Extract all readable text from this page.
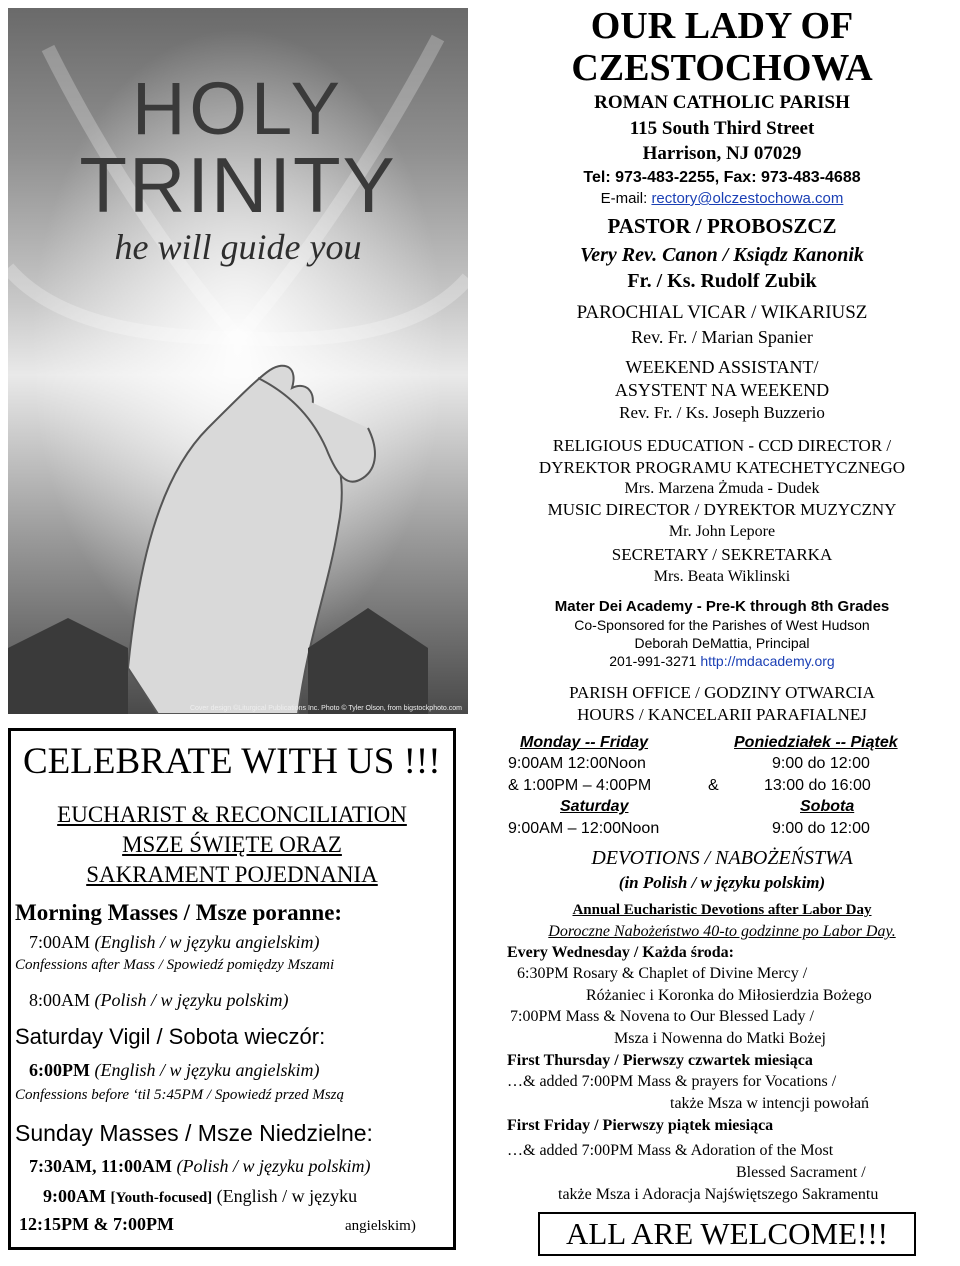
HOLY
TRINITY
he will guide you
Cover design ©Liturgical Publications Inc. Photo © Tyler Olson, from bigstockphoto.com
OUR LADY OF
CZESTOCHOWA
ROMAN CATHOLIC PARISH
115 South Third Street
Harrison, NJ 07029
Tel: 973-483-2255, Fax: 973-483-4688
E-mail: rectory@olczestochowa.com
PASTOR / PROBOSZCZ
Very Rev. Canon / Ksiądz Kanonik
Fr. / Ks. Rudolf Zubik
PAROCHIAL VICAR / WIKARIUSZ
Rev. Fr. / Marian Spanier
WEEKEND ASSISTANT/
ASYSTENT NA WEEKEND
Rev. Fr. / Ks. Joseph Buzzerio
RELIGIOUS EDUCATION - CCD DIRECTOR /
DYREKTOR PROGRAMU KATECHETYCZNEGO
Mrs. Marzena Żmuda - Dudek
MUSIC DIRECTOR / DYREKTOR MUZYCZNY
Mr. John Lepore
SECRETARY / SEKRETARKA
Mrs. Beata Wiklinski
Mater Dei Academy - Pre-K through 8th Grades
Co-Sponsored for the Parishes of West Hudson
Deborah DeMattia, Principal
201-991-3271 http://mdacademy.org
PARISH OFFICE / GODZINY OTWARCIA
HOURS / KANCELARII PARAFIALNEJ
Monday -- Friday	Poniedziałek -- Piątek
9:00AM 12:00Noon	9:00 do 12:00
& 1:00PM – 4:00PM	&	13:00 do 16:00
Saturday	Sobota
9:00AM – 12:00Noon	9:00 do 12:00
DEVOTIONS / NABOŻEŃSTWA
(in Polish / w języku polskim)
Annual Eucharistic Devotions after Labor Day
Doroczne Nabożeństwo 40-to godzinne po Labor Day.
Every Wednesday / Każda środa:
6:30PM Rosary & Chaplet of Divine Mercy /
Różaniec i Koronka do Miłosierdzia Bożego
7:00PM Mass & Novena to Our Blessed Lady /
Msza i Nowenna do Matki Bożej
First Thursday / Pierwszy czwartek miesiąca
…& added 7:00PM Mass & prayers for Vocations /
także Msza w intencji powołań
First Friday / Pierwszy piątek miesiąca
…& added 7:00PM Mass & Adoration of the Most
Blessed Sacrament /
także Msza i Adoracja Najświętszego Sakramentu
ALL ARE WELCOME!!!
CELEBRATE WITH US !!!
EUCHARIST & RECONCILIATION
MSZE ŚWIĘTE ORAZ
SAKRAMENT POJEDNANIA
Morning Masses / Msze poranne:
7:00AM (English / w języku angielskim)
Confessions after Mass / Spowiedź pomiędzy Mszami
8:00AM (Polish / w języku polskim)
Saturday Vigil / Sobota wieczór:
6:00PM (English / w języku angielskim)
Confessions before ‘til 5:45PM / Spowiedź przed Mszą
Sunday Masses / Msze Niedzielne:
7:30AM, 11:00AM (Polish / w języku polskim)
9:00AM [Youth-focused] (English / w języku
12:15PM & 7:00PM	angielskim)
